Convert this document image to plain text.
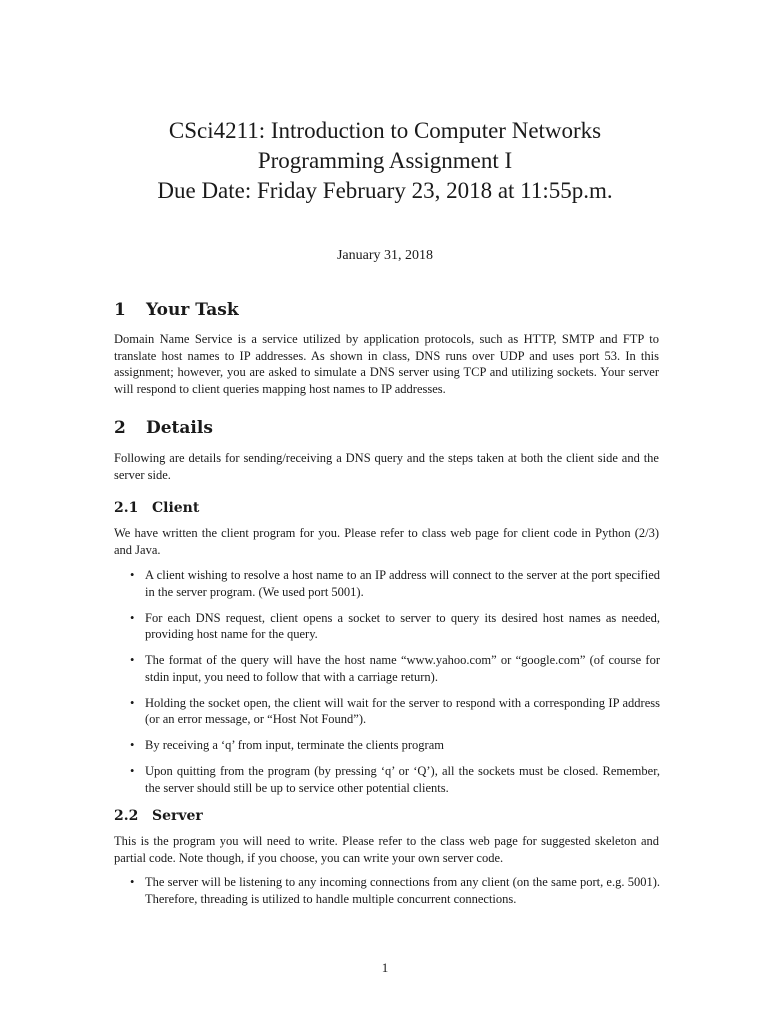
CSci4211: Introduction to Computer Networks
Programming Assignment I
Due Date: Friday February 23, 2018 at 11:55p.m.
January 31, 2018
1 Your Task
Domain Name Service is a service utilized by application protocols, such as HTTP, SMTP and FTP to translate host names to IP addresses. As shown in class, DNS runs over UDP and uses port 53. In this assignment; however, you are asked to simulate a DNS server using TCP and utilizing sockets. Your server will respond to client queries mapping host names to IP addresses.
2 Details
Following are details for sending/receiving a DNS query and the steps taken at both the client side and the server side.
2.1 Client
We have written the client program for you. Please refer to class web page for client code in Python (2/3) and Java.
• A client wishing to resolve a host name to an IP address will connect to the server at the port specified in the server program. (We used port 5001).
• For each DNS request, client opens a socket to server to query its desired host names as needed, providing host name for the query.
• The format of the query will have the host name “www.yahoo.com” or “google.com” (of course for stdin input, you need to follow that with a carriage return).
• Holding the socket open, the client will wait for the server to respond with a corresponding IP address (or an error message, or “Host Not Found”).
• By receiving a ‘q’ from input, terminate the clients program
• Upon quitting from the program (by pressing ‘q’ or ‘Q’), all the sockets must be closed. Remember, the server should still be up to service other potential clients.
2.2 Server
This is the program you will need to write. Please refer to the class web page for suggested skeleton and partial code. Note though, if you choose, you can write your own server code.
• The server will be listening to any incoming connections from any client (on the same port, e.g. 5001). Therefore, threading is utilized to handle multiple concurrent connections.
1
